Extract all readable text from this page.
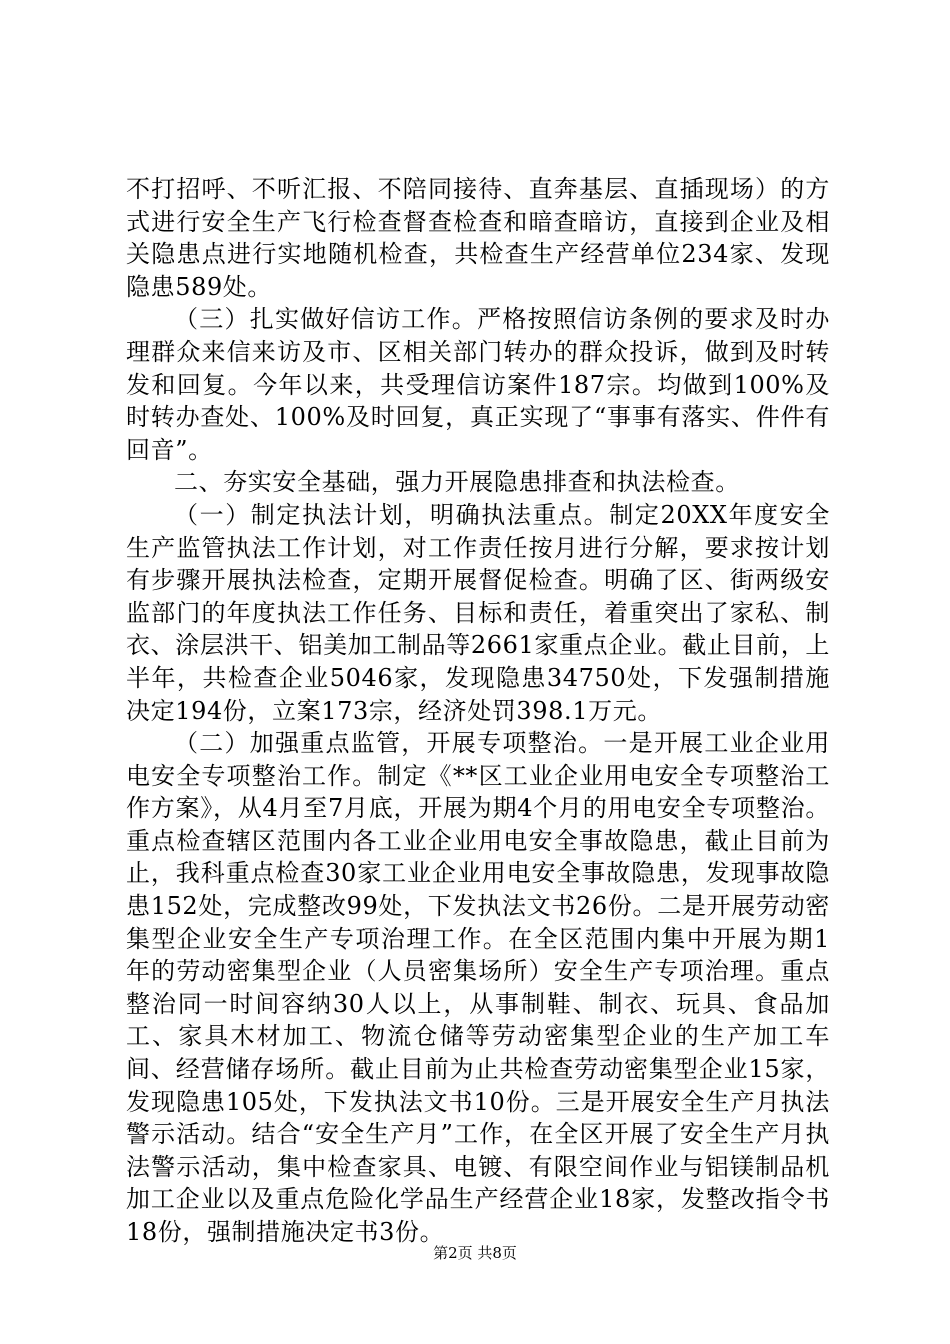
不打招呼、不听汇报、不陪同接待、直奔基层、直插现场）的方式进行安全生产飞行检查督查检查和暗查暗访，直接到企业及相关隐患点进行实地随机检查，共检查生产经营单位234家、发现隐患589处。

（三）扎实做好信访工作。严格按照信访条例的要求及时办理群众来信来访及市、区相关部门转办的群众投诉，做到及时转发和回复。今年以来，共受理信访案件187宗。均做到100%及时转办查处、100%及时回复，真正实现了“事事有落实、件件有回音”。

二、夯实安全基础，强力开展隐患排查和执法检查。

（一）制定执法计划，明确执法重点。制定20XX年度安全生产监管执法工作计划，对工作责任按月进行分解，要求按计划有步骤开展执法检查，定期开展督促检查。明确了区、街两级安监部门的年度执法工作任务、目标和责任，着重突出了家私、制衣、涂层洪干、铝美加工制品等2661家重点企业。截止目前，上半年，共检查企业5046家，发现隐患34750处，下发强制措施决定194份，立案173宗，经济处罚398.1万元。

（二）加强重点监管，开展专项整治。一是开展工业企业用电安全专项整治工作。制定《**区工业企业用电安全专项整治工作方案》，从4月至7月底，开展为期4个月的用电安全专项整治。重点检查辖区范围内各工业企业用电安全事故隐患，截止目前为止，我科重点检查30家工业企业用电安全事故隐患，发现事故隐患152处，完成整改99处，下发执法文书26份。二是开展劳动密集型企业安全生产专项治理工作。在全区范围内集中开展为期1年的劳动密集型企业（人员密集场所）安全生产专项治理。重点整治同一时间容纳30人以上，从事制鞋、制衣、玩具、食品加工、家具木材加工、物流仓储等劳动密集型企业的生产加工车间、经营储存场所。截止目前为止共检查劳动密集型企业15家，发现隐患105处，下发执法文书10份。三是开展安全生产月执法警示活动。结合“安全生产月”工作，在全区开展了安全生产月执法警示活动，集中检查家具、电镀、有限空间作业与铝镁制品机加工企业以及重点危险化学品生产经营企业18家，发整改指令书18份，强制措施决定书3份。

第2页 共8页
